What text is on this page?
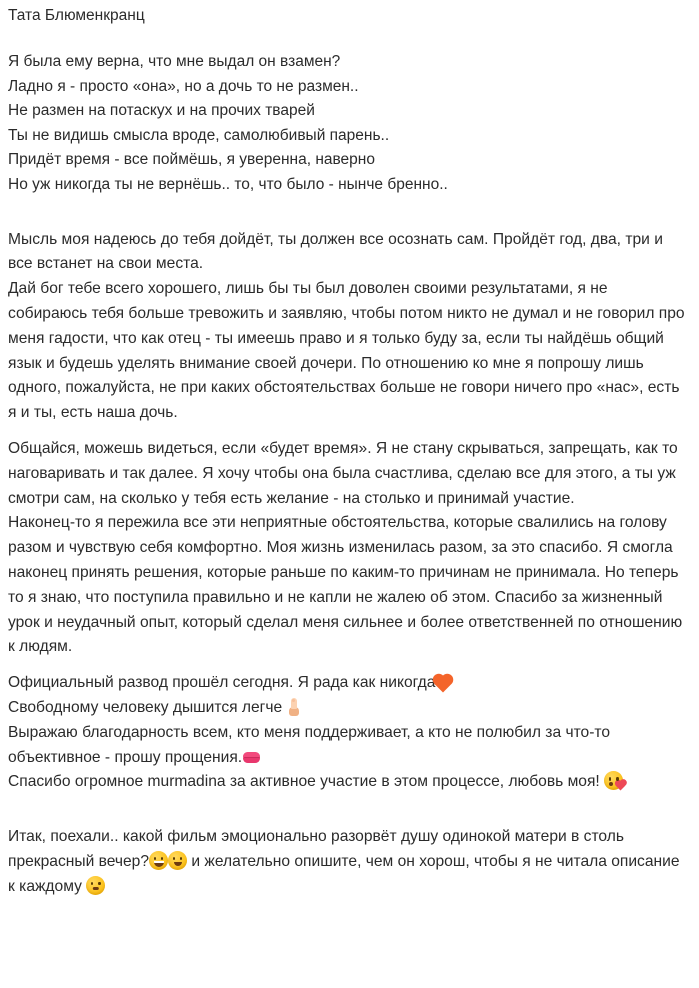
Тата Блюменкранц
Я была ему верна, что мне выдал он взамен?
Ладно я - просто «она», но а дочь то не размен..
Не размен на потаскух и на прочих тварей
Ты не видишь смысла вроде, самолюбивый парень..
Придёт время - все поймёшь, я уверенна, наверно
Но уж никогда ты не вернёшь.. то, что было - нынче бренно..
Мысль моя надеюсь до тебя дойдёт, ты должен все осознать сам. Пройдёт год, два, три и все встанет на свои места.
Дай бог тебе всего хорошего, лишь бы ты был доволен своими результатами, я не собираюсь тебя больше тревожить и заявляю, чтобы потом никто не думал и не говорил про меня гадости, что как отец - ты имеешь право и я только буду за, если ты найдёшь общий язык и будешь уделять внимание своей дочери. По отношению ко мне я попрошу лишь одного, пожалуйста, не при каких обстоятельствах больше не говори ничего про «нас», есть я и ты, есть наша дочь.
Общайся, можешь видеться, если «будет время». Я не стану скрываться, запрещать, как то наговаривать и так далее. Я хочу чтобы она была счастлива, сделаю все для этого, а ты уж смотри сам, на сколько у тебя есть желание - на столько и принимай участие.
Наконец-то я пережила все эти неприятные обстоятельства, которые свалились на голову разом и чувствую себя комфортно. Моя жизнь изменилась разом, за это спасибо. Я смогла наконец принять решения, которые раньше по каким-то причинам не принимала. Но теперь то я знаю, что поступила правильно и не капли не жалею об этом. Спасибо за жизненный урок и неудачный опыт, который сделал меня сильнее и более ответственней по отношению к людям.
Официальный развод прошёл сегодня. Я рада как никогда
Свободному человеку дышится легче
Выражаю благодарность всем, кто меня поддерживает, а кто не полюбил за что-то объективное - прошу прощения.
Спасибо огромное murmadina за активное участие в этом процессе, любовь моя!
Итак, поехали.. какой фильм эмоционально разорвёт душу одинокой матери в столь прекрасный вечер?
и желательно опишите, чем он хорош, чтобы я не читала описание к каждому
